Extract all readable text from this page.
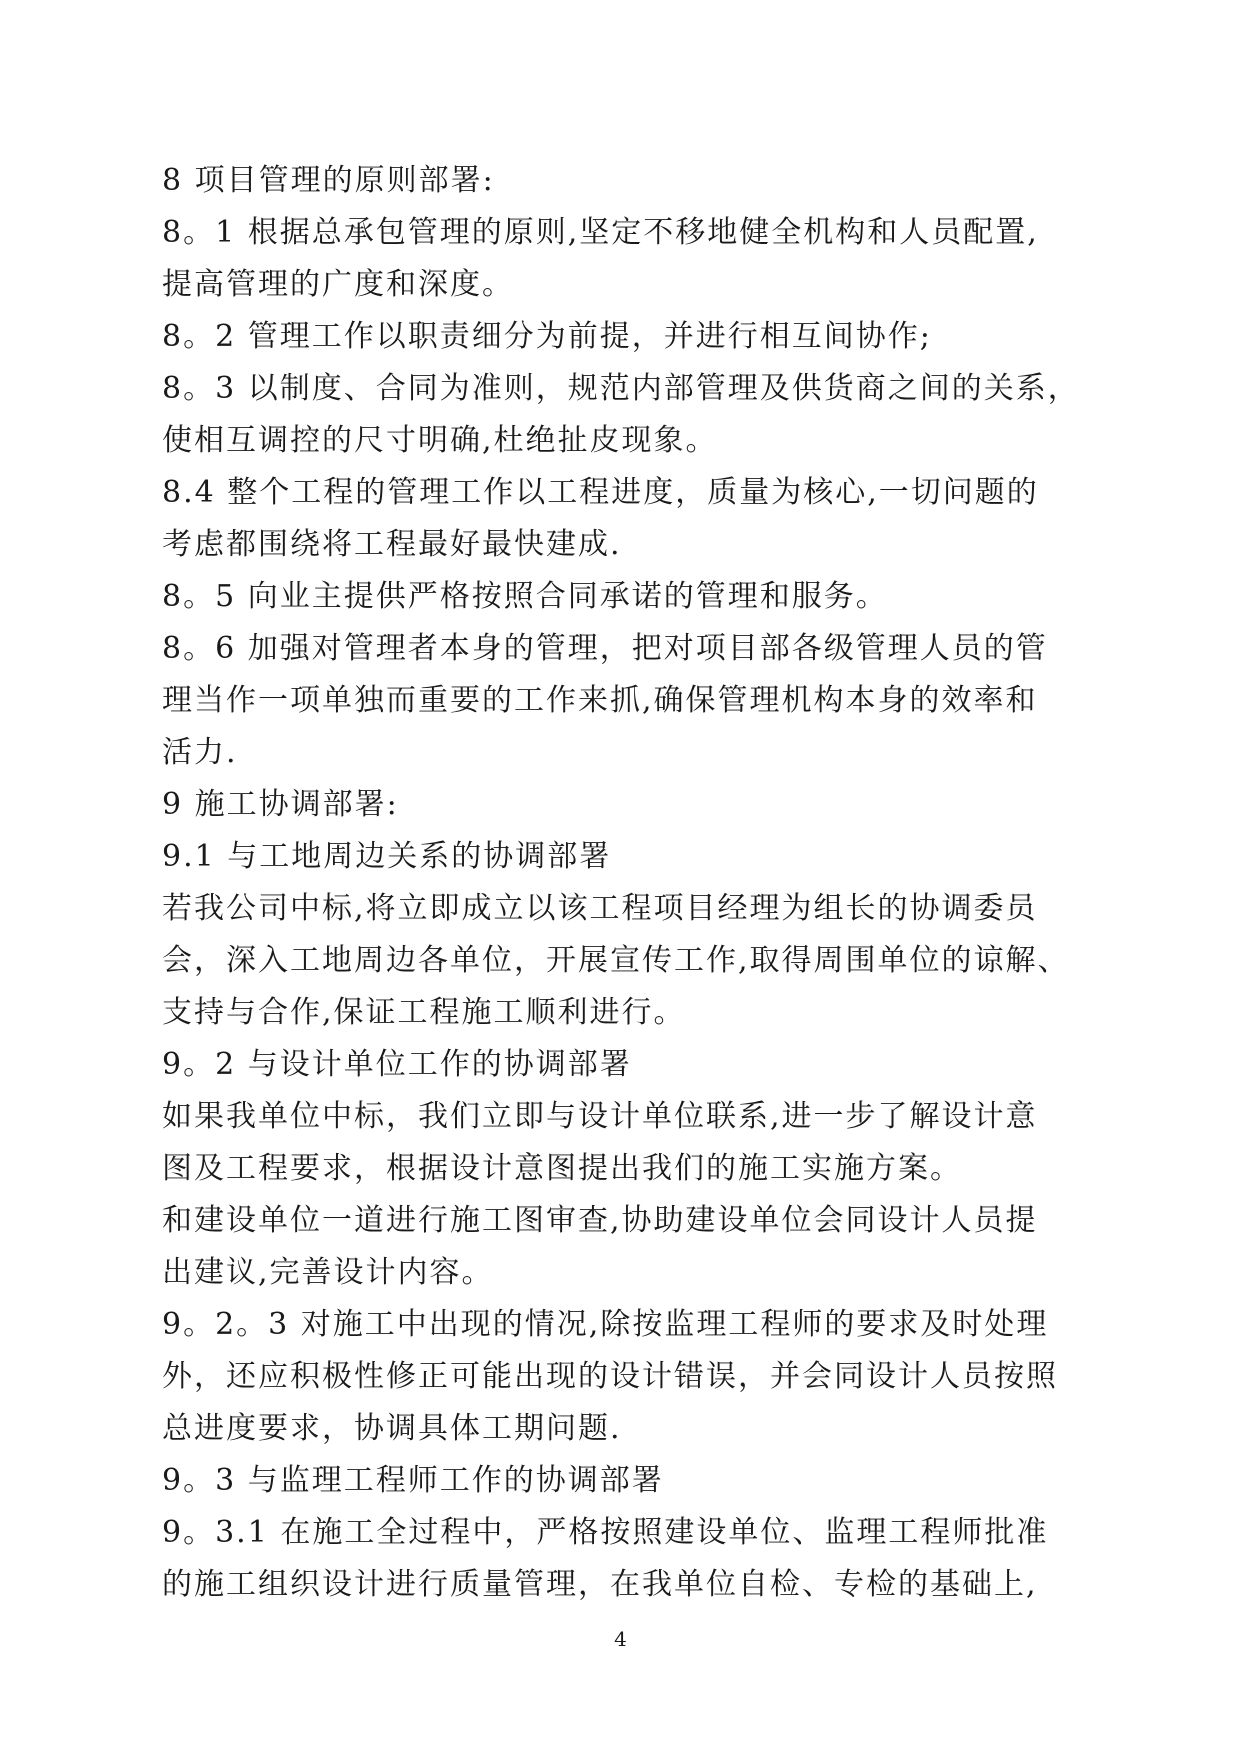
8 项目管理的原则部署:
8。1 根据总承包管理的原则,坚定不移地健全机构和人员配置,
提高管理的广度和深度。
8。2 管理工作以职责细分为前提，并进行相互间协作;
8。3 以制度、合同为准则，规范内部管理及供货商之间的关系，
使相互调控的尺寸明确,杜绝扯皮现象。
8.4 整个工程的管理工作以工程进度，质量为核心,一切问题的
考虑都围绕将工程最好最快建成.
8。5 向业主提供严格按照合同承诺的管理和服务。
8。6 加强对管理者本身的管理，把对项目部各级管理人员的管
理当作一项单独而重要的工作来抓,确保管理机构本身的效率和
活力.
9 施工协调部署:
9.1 与工地周边关系的协调部署
若我公司中标,将立即成立以该工程项目经理为组长的协调委员
会，深入工地周边各单位，开展宣传工作,取得周围单位的谅解、
支持与合作,保证工程施工顺利进行。
9。2 与设计单位工作的协调部署
如果我单位中标，我们立即与设计单位联系,进一步了解设计意
图及工程要求，根据设计意图提出我们的施工实施方案。
和建设单位一道进行施工图审查,协助建设单位会同设计人员提
出建议,完善设计内容。
9。2。3 对施工中出现的情况,除按监理工程师的要求及时处理
外，还应积极性修正可能出现的设计错误，并会同设计人员按照
总进度要求，协调具体工期问题.
9。3 与监理工程师工作的协调部署
9。3.1 在施工全过程中，严格按照建设单位、监理工程师批准
的施工组织设计进行质量管理，在我单位自检、专检的基础上,
4
